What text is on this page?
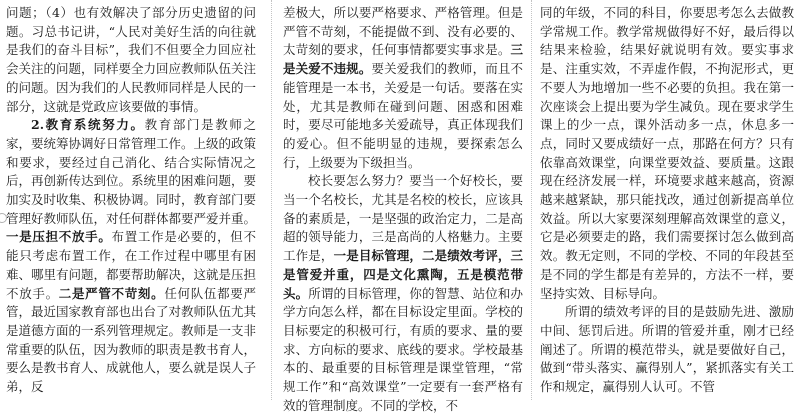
问题；（4）也有效解决了部分历史遗留的问题。习总书记讲，“人民对美好生活的向往就是我们的奋斗目标”，我们不但要全力回应社会关注的问题，同样要全力回应教师队伍关注的问题。因为我们的人民教师同样是人民的一部分，这就是党政应该要做的事情。

2.教育系统努力。教育部门是教师之家，要统筹协调好日常管理工作。上级的政策和要求，要经过自己消化、结合实际情况之后，再创新传达到位。系统里的困难问题，要加实及时收集、积极协调。同时，教育部门要管理好教师队伍，对任何群体都要严爱并重。一是压担不放手。布置工作是必要的，但不能只考虑布置工作，在工作过程中哪里有困难、哪里有问题，都要帮助解决，这就是压担不放手。二是严管不苛刻。任何队伍都要严管，最近国家教育部也出台了对教师队伍尤其是道德方面的一系列管理规定。教师是一支非常重要的队伍，因为教师的职责是教书育人，要么是教书育人、成就他人，要么就是误人子弟，反

差极大，所以要严格要求、严格管理。但是严管不苛刻，不能提做不到、没有必要的、太苛刻的要求，任何事情都要实事求是。三是关爱不违规。要关爱我们的教师，而且不能管理是一本书，关爱是一句话。要落在实处，尤其是教师在碰到问题、困惑和困难时，要尽可能地多关爱疏导，真正体现我们的爱心。但不能明显的违规，要探索怎么行，上级要为下级担当。

校长要怎么努力？要当一个好校长，要当一个名校长，尤其是名校的校长，应该具备的素质是，一是坚强的政治定力，二是高超的领导能力，三是高尚的人格魅力。主要工作是，一是目标管理，二是绩效考评，三是管爱并重，四是文化熏陶，五是模范带头。所谓的目标管理，你的智慧、站位和办学方向怎么样，都在目标设定里面。学校的目标要定的积极可行，有质的要求、量的要求、方向标的要求、底线的要求。学校最基本的、最重要的目标管理是课堂管理，“常规工作”和“高效课堂”一定要有一套严格有效的管理制度。不同的学校，不

同的年级，不同的科目，你要思考怎么去做教学常规工作。教学常规做得好不好，最后得以结果来检验，结果好就说明有效。要实事求是、注重实效，不弄虚作假，不拘泥形式，更不要人为地增加一些不必要的负担。我在第一次座谈会上提出要为学生减负。现在要求学生课上的少一点，课外活动多一点，休息多一点，同时又要成绩好一点，那路在何方？只有依靠高效课堂，向课堂要效益、要质量。这跟现在经济发展一样，环境要求越来越高，资源越来越紧缺，那只能找改，通过创新提高单位效益。所以大家要深刻理解高效课堂的意义，它是必须要走的路，我们需要探讨怎么做到高效。教无定则，不同的学校、不同的年段甚至是不同的学生都是有差异的，方法不一样，要坚持实效、目标导向。

所谓的绩效考评的目的是鼓励先进、激励中间、惩罚后进。所谓的管爱并重，刚才已经阐述了。所谓的模范带头，就是要做好自己，做到“带头落实、赢得别人”，紧抓落实有关工作和规定，赢得别人认可。不管
